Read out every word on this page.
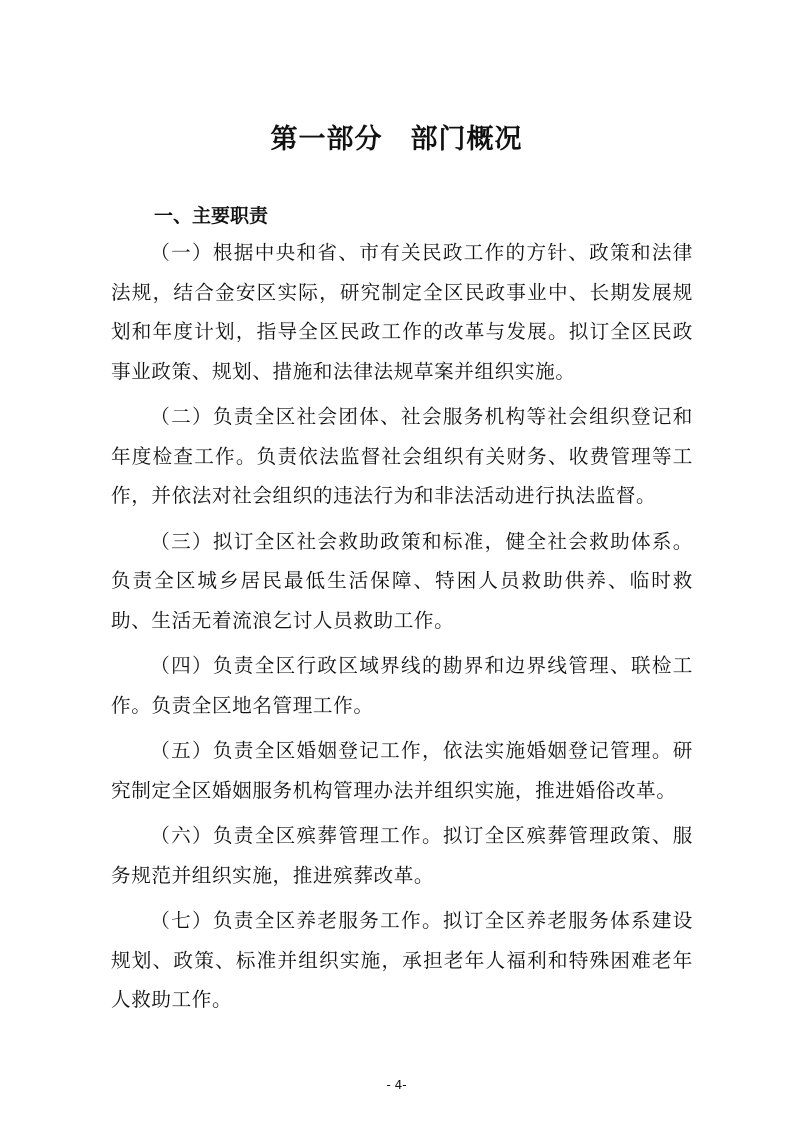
第一部分　部门概况
一、主要职责

（一）根据中央和省、市有关民政工作的方针、政策和法律法规，结合金安区实际，研究制定全区民政事业中、长期发展规划和年度计划，指导全区民政工作的改革与发展。拟订全区民政事业政策、规划、措施和法律法规草案并组织实施。

（二）负责全区社会团体、社会服务机构等社会组织登记和年度检查工作。负责依法监督社会组织有关财务、收费管理等工作，并依法对社会组织的违法行为和非法活动进行执法监督。

（三）拟订全区社会救助政策和标准，健全社会救助体系。负责全区城乡居民最低生活保障、特困人员救助供养、临时救助、生活无着流浪乞讨人员救助工作。

（四）负责全区行政区域界线的勘界和边界线管理、联检工作。负责全区地名管理工作。

（五）负责全区婚姻登记工作，依法实施婚姻登记管理。研究制定全区婚姻服务机构管理办法并组织实施，推进婚俗改革。

（六）负责全区殡葬管理工作。拟订全区殡葬管理政策、服务规范并组织实施，推进殡葬改革。

（七）负责全区养老服务工作。拟订全区养老服务体系建设规划、政策、标准并组织实施，承担老年人福利和特殊困难老年人救助工作。

- 4-
